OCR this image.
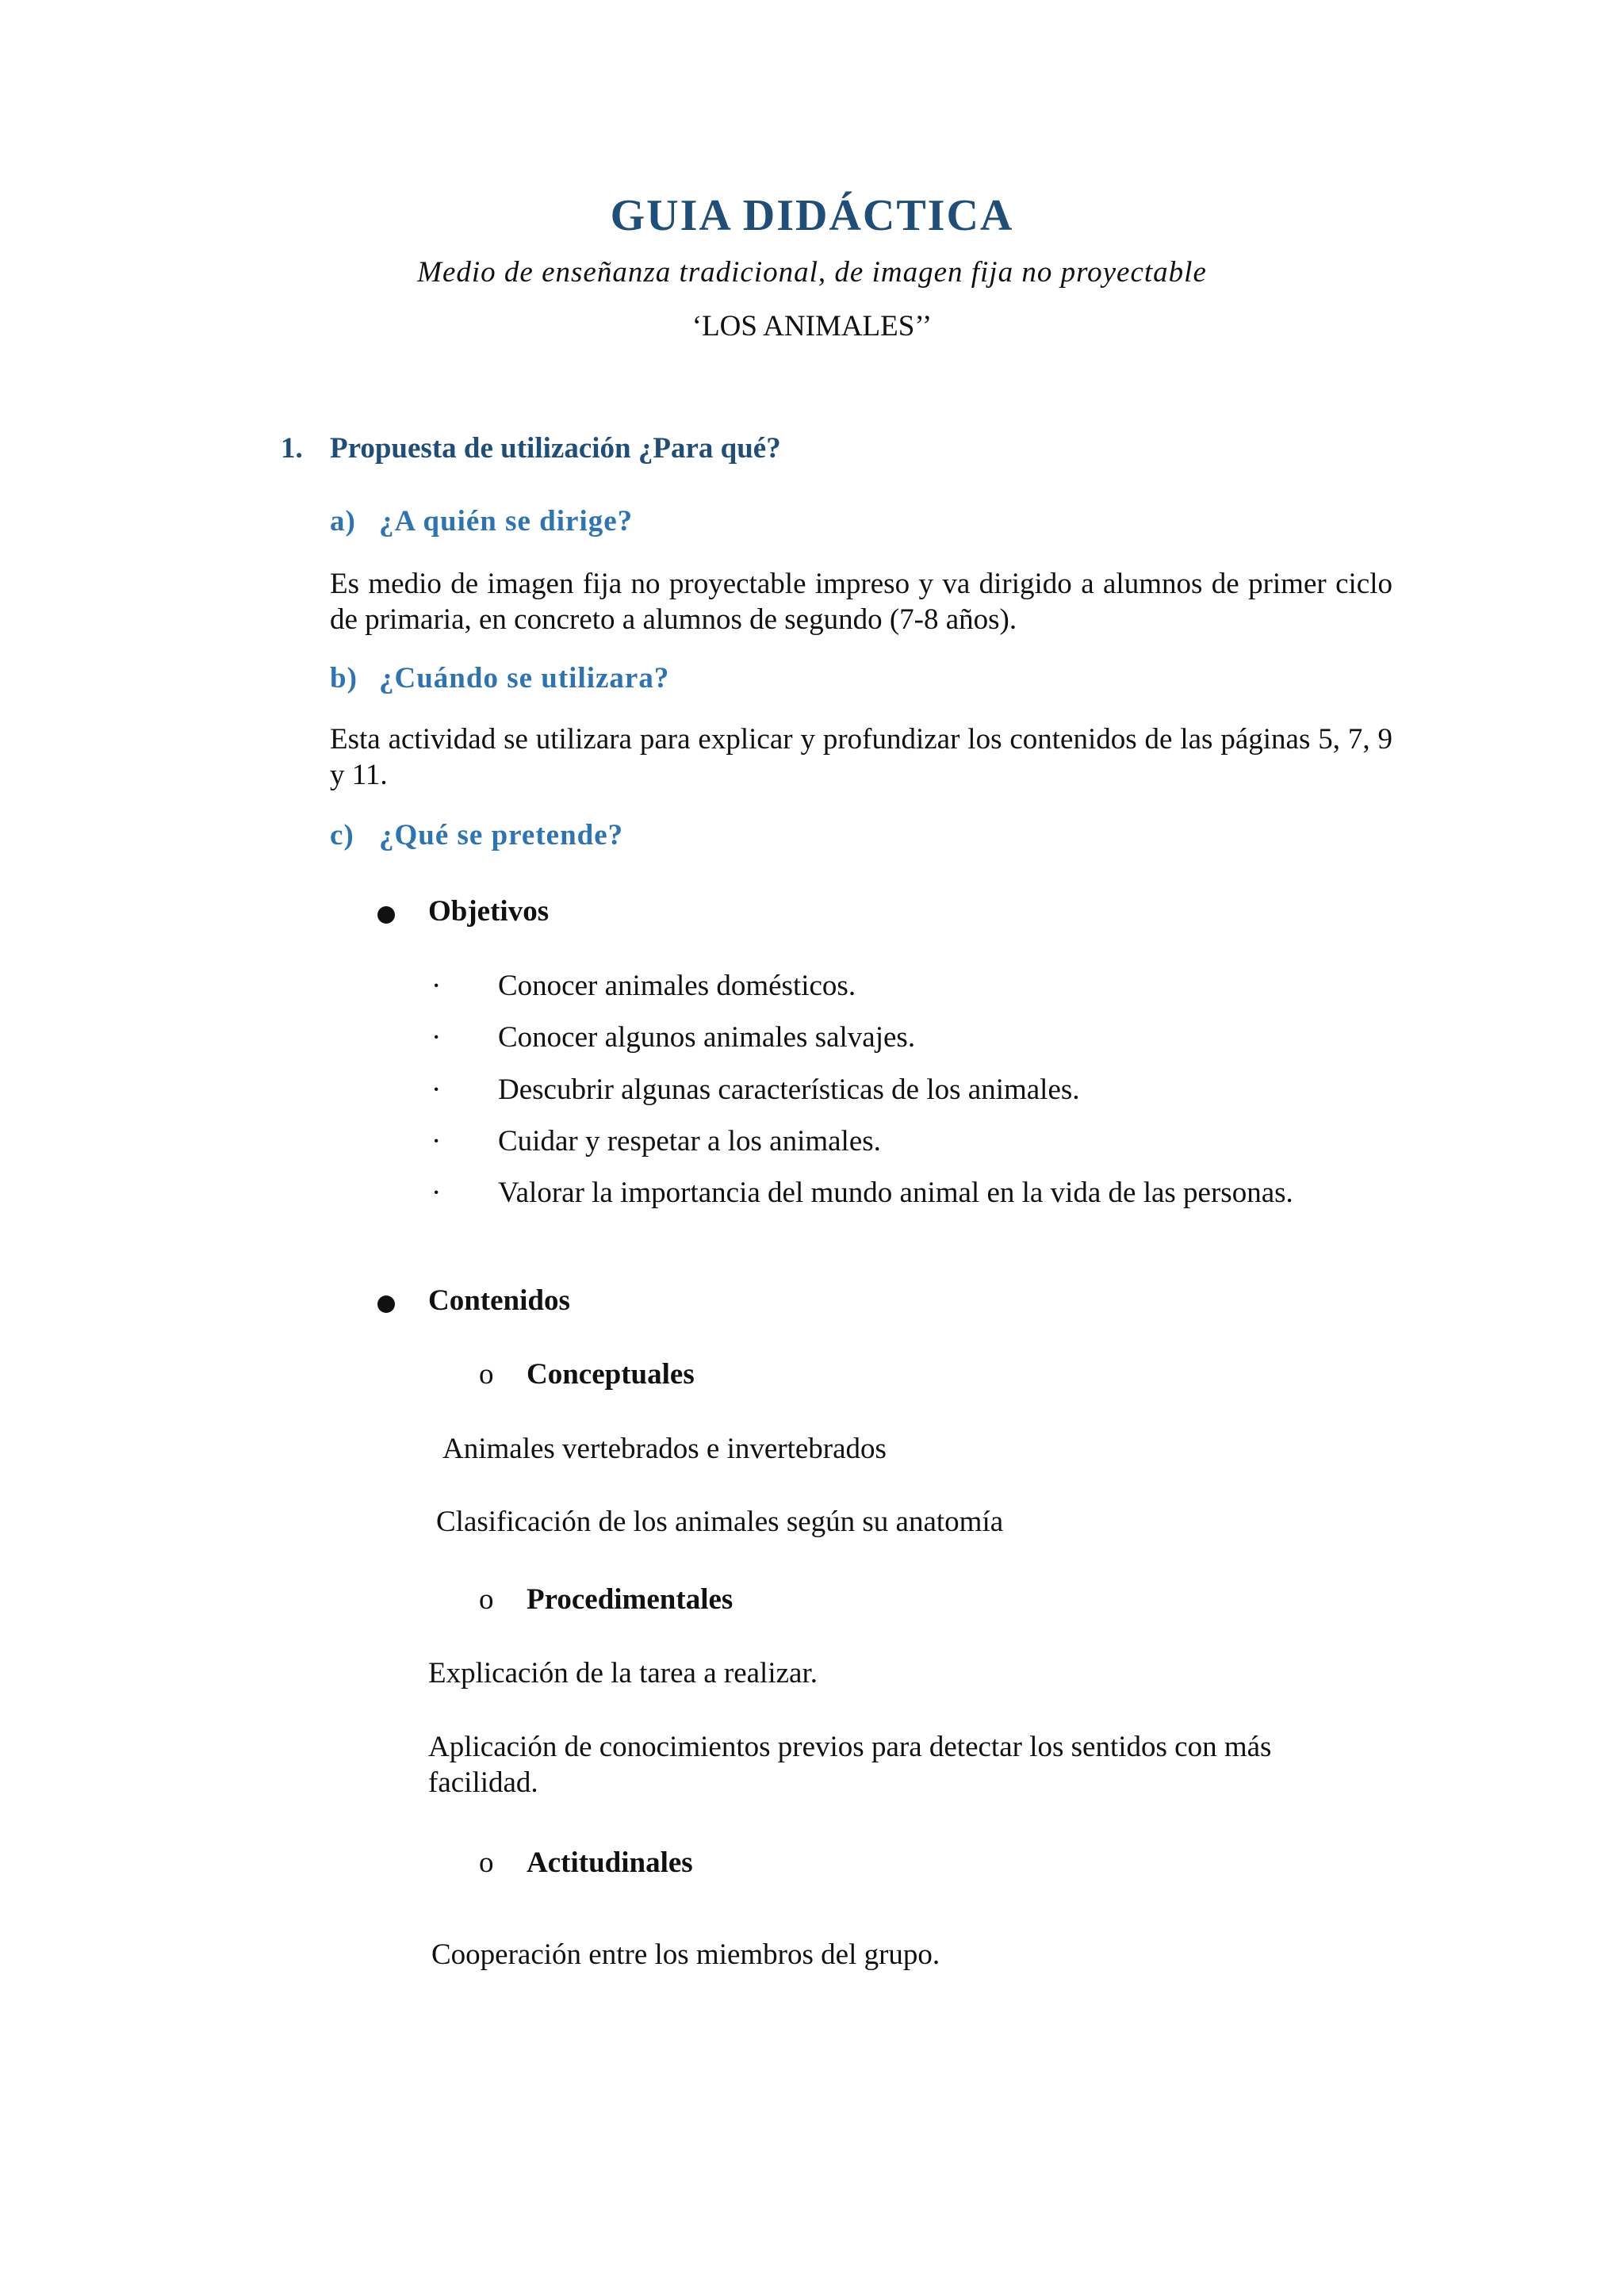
GUIA DIDÁCTICA
Medio de enseñanza tradicional, de imagen fija no proyectable
‘LOS ANIMALES’’
1. Propuesta de utilización ¿Para qué?
a) ¿A quién se dirige?
Es medio de imagen fija no proyectable impreso y va dirigido a alumnos de primer ciclo de primaria, en concreto a alumnos de segundo (7-8 años).
b) ¿Cuándo se utilizara?
Esta actividad se utilizara para explicar y profundizar los contenidos de las páginas 5, 7, 9 y 11.
c) ¿Qué se pretende?
Objetivos
· Conocer animales domésticos.
· Conocer algunos animales salvajes.
· Descubrir algunas características de los animales.
· Cuidar y respetar a los animales.
· Valorar la importancia del mundo animal en la vida de las personas.
Contenidos
o Conceptuales
Animales vertebrados e invertebrados
Clasificación de los animales según su anatomía
o Procedimentales
Explicación de la tarea a realizar.
Aplicación de conocimientos previos para detectar los sentidos con más facilidad.
o Actitudinales
Cooperación entre los miembros del grupo.
